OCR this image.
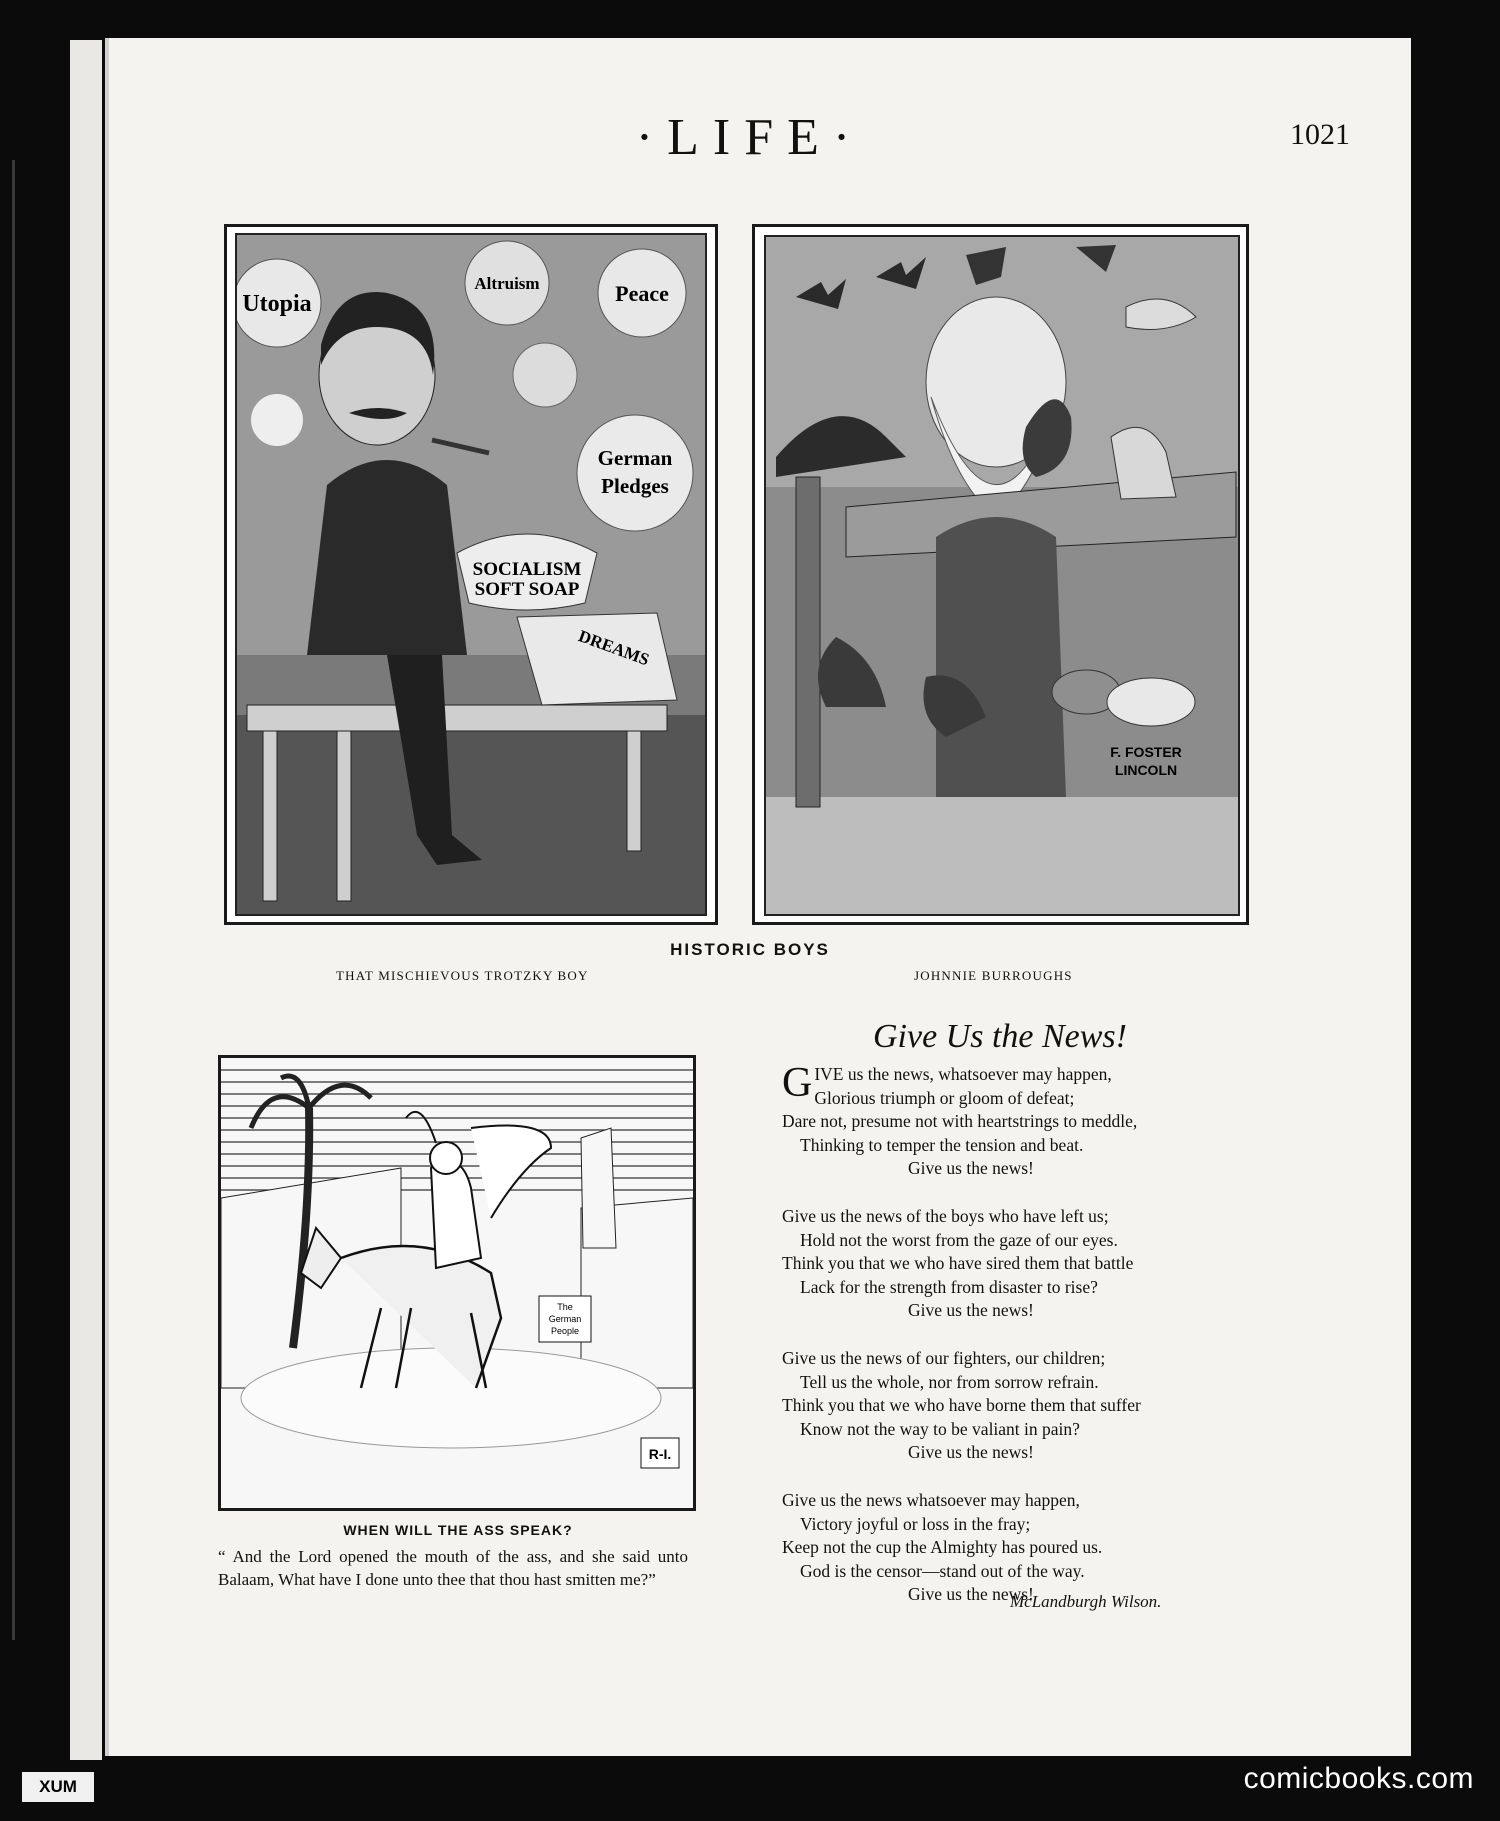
·LIFE·	1021
Utopia
Altruism	Peace
German
Pledges
SOCIALISM
SOFT SOAP
DREAMS
F. FOSTER
LINCOLN
HISTORIC BOYS
THAT MISCHIEVOUS TROTZKY BOY	JOHNNIE BURROUGHS
The
German
People
R-I.
WHEN WILL THE ASS SPEAK?
“ And the Lord opened the mouth of the ass, and she said unto Balaam, What have I done unto thee that thou hast smitten me?”
Give Us the News!
GIVE us the news, whatsoever may happen,
Glorious triumph or gloom of defeat;
Dare not, presume not with heartstrings to meddle,
Thinking to temper the tension and beat.
Give us the news!
Give us the news of the boys who have left us;
Hold not the worst from the gaze of our eyes.
Think you that we who have sired them that battle
Lack for the strength from disaster to rise?
Give us the news!
Give us the news of our fighters, our children;
Tell us the whole, nor from sorrow refrain.
Think you that we who have borne them that suffer
Know not the way to be valiant in pain?
Give us the news!
Give us the news whatsoever may happen,
Victory joyful or loss in the fray;
Keep not the cup the Almighty has poured us.
God is the censor—stand out of the way.
Give us the news!
McLandburgh Wilson.
XUM	comicbooks.com
